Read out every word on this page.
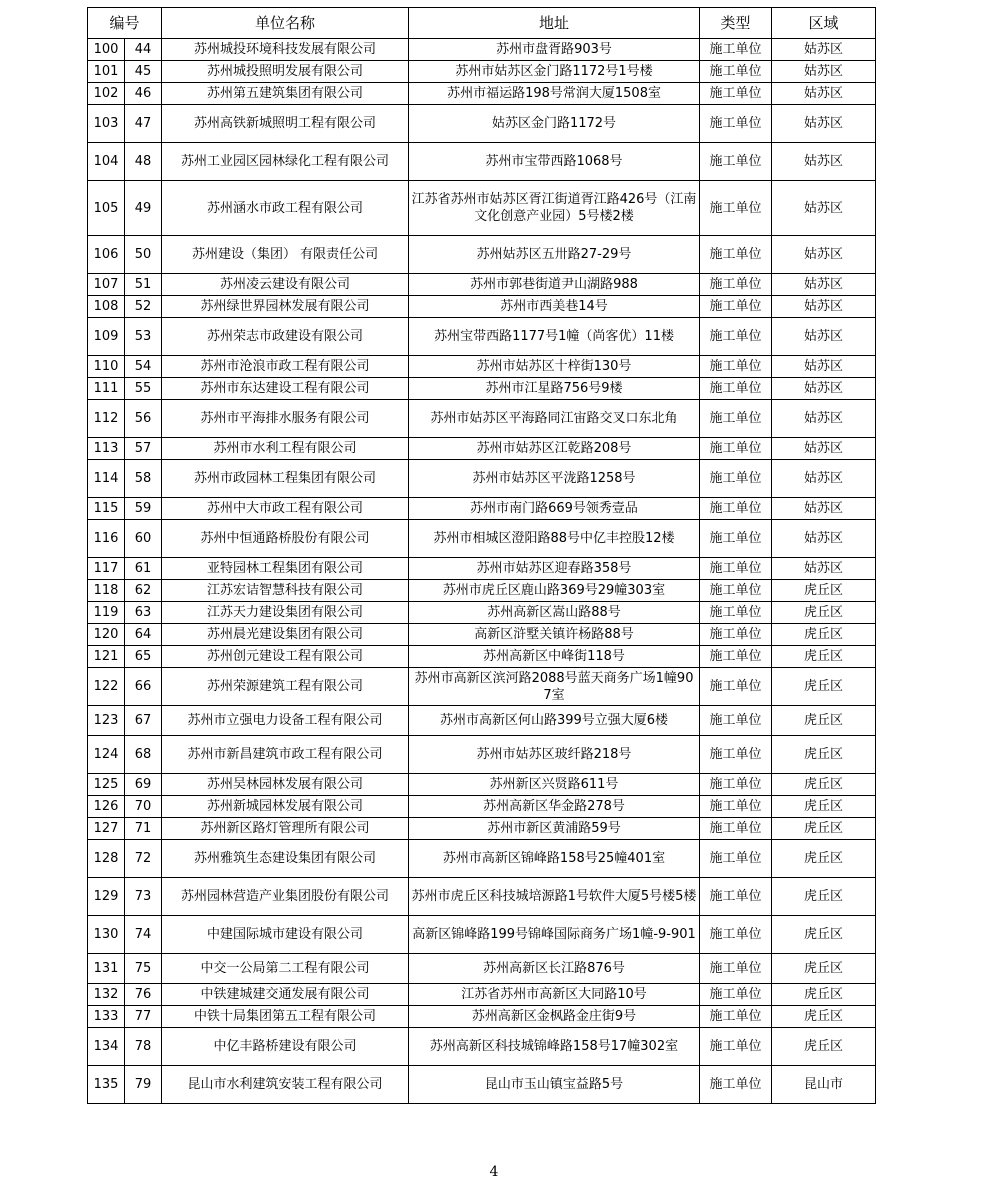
编号		单位名称	地址	类型	区域
100	44	苏州城投环境科技发展有限公司	苏州市盘胥路903号	施工单位	姑苏区
101	45	苏州城投照明发展有限公司	苏州市姑苏区金门路1172号1号楼	施工单位	姑苏区
102	46	苏州第五建筑集团有限公司	苏州市福运路198号常润大厦1508室	施工单位	姑苏区
103	47	苏州高铁新城照明工程有限公司	姑苏区金门路1172号	施工单位	姑苏区
104	48	苏州工业园区园林绿化工程有限公司	苏州市宝带西路1068号	施工单位	姑苏区
105	49	苏州涵水市政工程有限公司	江苏省苏州市姑苏区胥江街道胥江路426号（江南文化创意产业园）5号楼2楼	施工单位	姑苏区
106	50	苏州建设（集团） 有限责任公司	苏州姑苏区五卅路27-29号	施工单位	姑苏区
107	51	苏州凌云建设有限公司	苏州市郭巷街道尹山湖路988	施工单位	姑苏区
108	52	苏州绿世界园林发展有限公司	苏州市西美巷14号	施工单位	姑苏区
109	53	苏州荣志市政建设有限公司	苏州宝带西路1177号1幢（尚客优）11楼	施工单位	姑苏区
110	54	苏州市沧浪市政工程有限公司	苏州市姑苏区十梓街130号	施工单位	姑苏区
111	55	苏州市东达建设工程有限公司	苏州市江星路756号9楼	施工单位	姑苏区
112	56	苏州市平海排水服务有限公司	苏州市姑苏区平海路同江宙路交叉口东北角	施工单位	姑苏区
113	57	苏州市水利工程有限公司	苏州市姑苏区江乾路208号	施工单位	姑苏区
114	58	苏州市政园林工程集团有限公司	苏州市姑苏区平泷路1258号	施工单位	姑苏区
115	59	苏州中大市政工程有限公司	苏州市南门路669号领秀壹品	施工单位	姑苏区
116	60	苏州中恒通路桥股份有限公司	苏州市相城区澄阳路88号中亿丰控股12楼	施工单位	姑苏区
117	61	亚特园林工程集团有限公司	苏州市姑苏区迎春路358号	施工单位	姑苏区
118	62	江苏宏诘智慧科技有限公司	苏州市虎丘区鹿山路369号29幢303室	施工单位	虎丘区
119	63	江苏天力建设集团有限公司	苏州高新区嵩山路88号	施工单位	虎丘区
120	64	苏州晨光建设集团有限公司	高新区浒墅关镇许杨路88号	施工单位	虎丘区
121	65	苏州创元建设工程有限公司	苏州高新区中峰街118号	施工单位	虎丘区
122	66	苏州荣源建筑工程有限公司	苏州市高新区滨河路2088号蓝天商务广场1幢907室	施工单位	虎丘区
123	67	苏州市立强电力设备工程有限公司	苏州市高新区何山路399号立强大厦6楼	施工单位	虎丘区
124	68	苏州市新昌建筑市政工程有限公司	苏州市姑苏区玻纤路218号	施工单位	虎丘区
125	69	苏州吴林园林发展有限公司	苏州新区兴贤路611号	施工单位	虎丘区
126	70	苏州新城园林发展有限公司	苏州高新区华金路278号	施工单位	虎丘区
127	71	苏州新区路灯管理所有限公司	苏州市新区黄浦路59号	施工单位	虎丘区
128	72	苏州雅筑生态建设集团有限公司	苏州市高新区锦峰路158号25幢401室	施工单位	虎丘区
129	73	苏州园林营造产业集团股份有限公司	苏州市虎丘区科技城培源路1号软件大厦5号楼5楼	施工单位	虎丘区
130	74	中建国际城市建设有限公司	高新区锦峰路199号锦峰国际商务广场1幢-9-901	施工单位	虎丘区
131	75	中交一公局第二工程有限公司	苏州高新区长江路876号	施工单位	虎丘区
132	76	中铁建城建交通发展有限公司	江苏省苏州市高新区大同路10号	施工单位	虎丘区
133	77	中铁十局集团第五工程有限公司	苏州高新区金枫路金庄街9号	施工单位	虎丘区
134	78	中亿丰路桥建设有限公司	苏州高新区科技城锦峰路158号17幢302室	施工单位	虎丘区
135	79	昆山市水利建筑安装工程有限公司	昆山市玉山镇宝益路5号	施工单位	昆山市
4
